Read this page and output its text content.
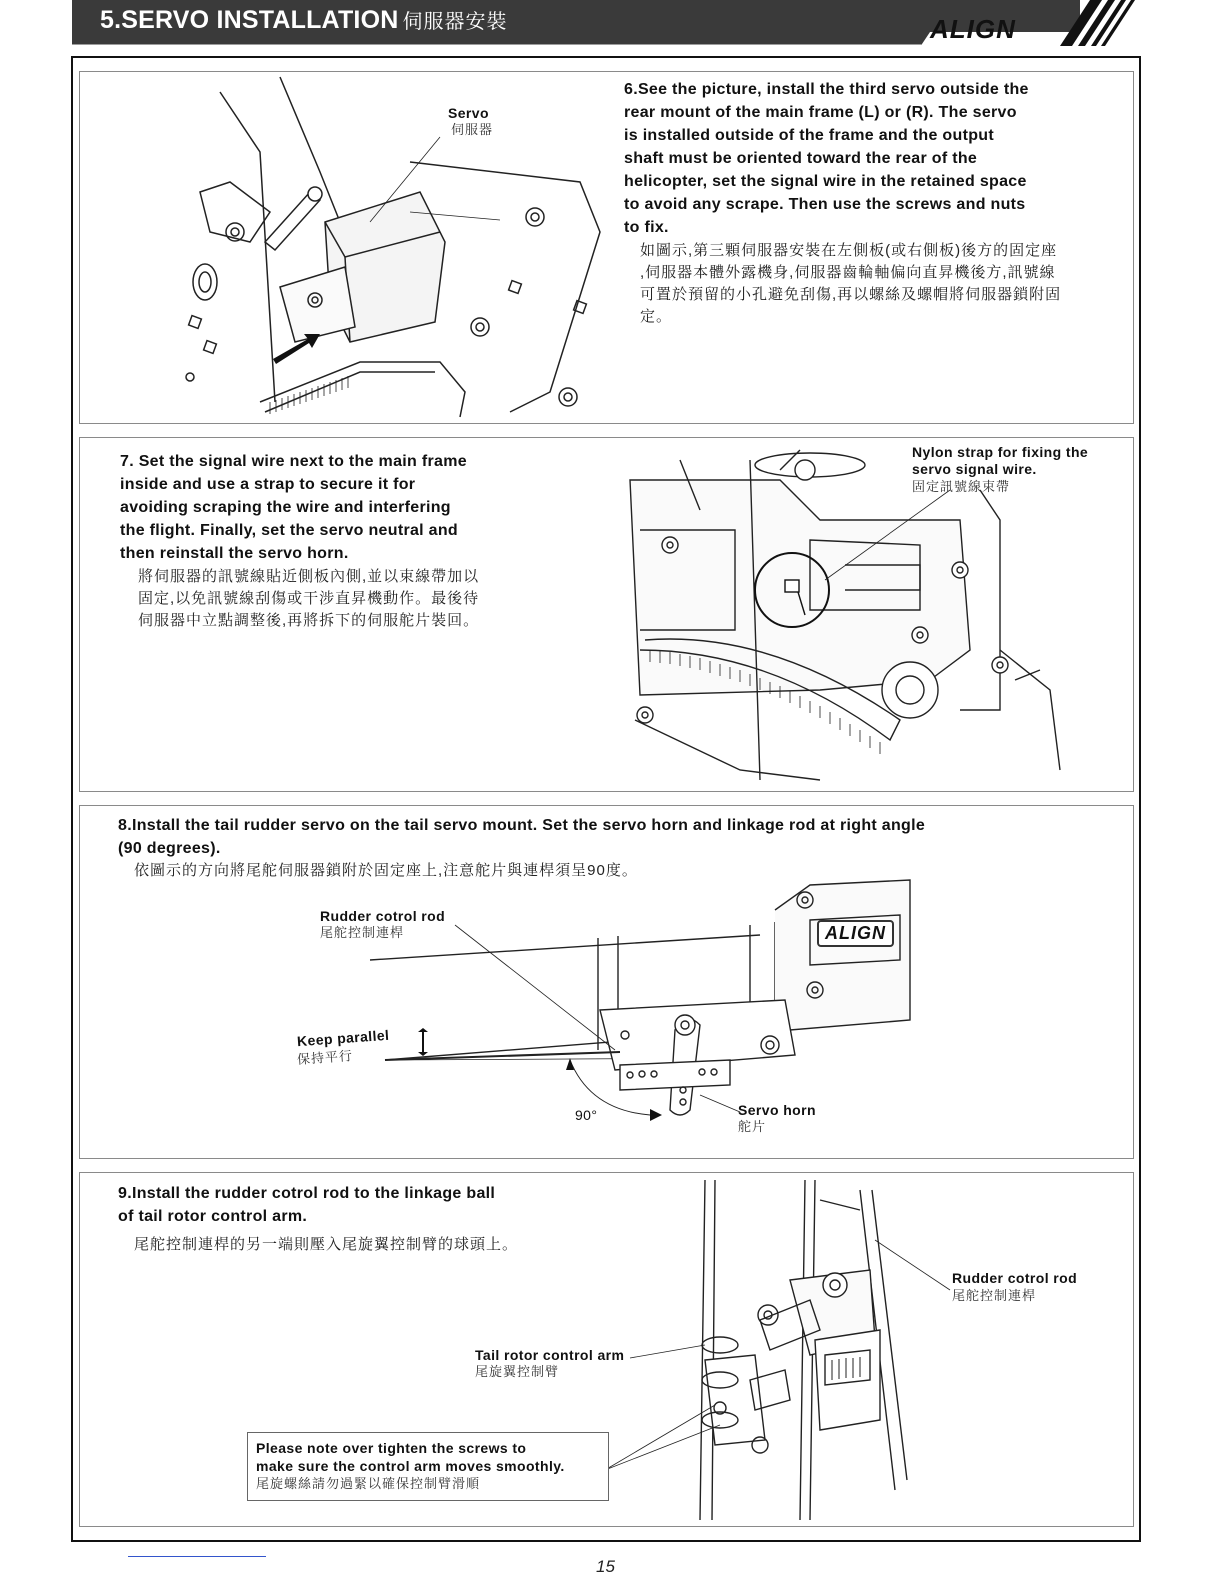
5.SERVO INSTALLATION 伺服器安裝	ALIGN
Servo
伺服器
6.See the picture, install the third servo outside the
rear mount of the main frame (L) or (R). The servo
is installed outside of the frame and the output
shaft must be oriented toward the rear of the
helicopter, set the signal wire in the retained space
to avoid any scrape. Then use the screws and nuts
to fix.
如圖示,第三顆伺服器安裝在左側板(或右側板)後方的固定座
,伺服器本體外露機身,伺服器齒輪軸偏向直昇機後方,訊號線
可置於預留的小孔避免刮傷,再以螺絲及螺帽將伺服器鎖附固
定。
7. Set the signal wire next to the main frame
inside and use a strap to secure it for
avoiding scraping the wire and interfering
the flight. Finally, set the servo neutral and
then reinstall the servo horn.
將伺服器的訊號線貼近側板內側,並以束線帶加以
固定,以免訊號線刮傷或干涉直昇機動作。最後待
伺服器中立點調整後,再將拆下的伺服舵片裝回。
Nylon strap for fixing the
servo signal wire.
固定訊號線束帶
8.Install the tail rudder servo on the tail servo mount. Set the servo horn and linkage rod at right angle
(90 degrees).
依圖示的方向將尾舵伺服器鎖附於固定座上,注意舵片與連桿須呈90度。
ALIGN
Rudder cotrol rod
尾舵控制連桿
Keep parallel
保持平行
90°	Servo horn
舵片
9.Install the rudder cotrol rod to the linkage ball
of tail rotor control arm.
尾舵控制連桿的另一端則壓入尾旋翼控制臂的球頭上。
Rudder cotrol rod
尾舵控制連桿
Tail rotor control arm
尾旋翼控制臂
Please note over tighten the screws to
make sure the control arm moves smoothly.
尾旋螺絲請勿過緊以確保控制臂滑順
15
